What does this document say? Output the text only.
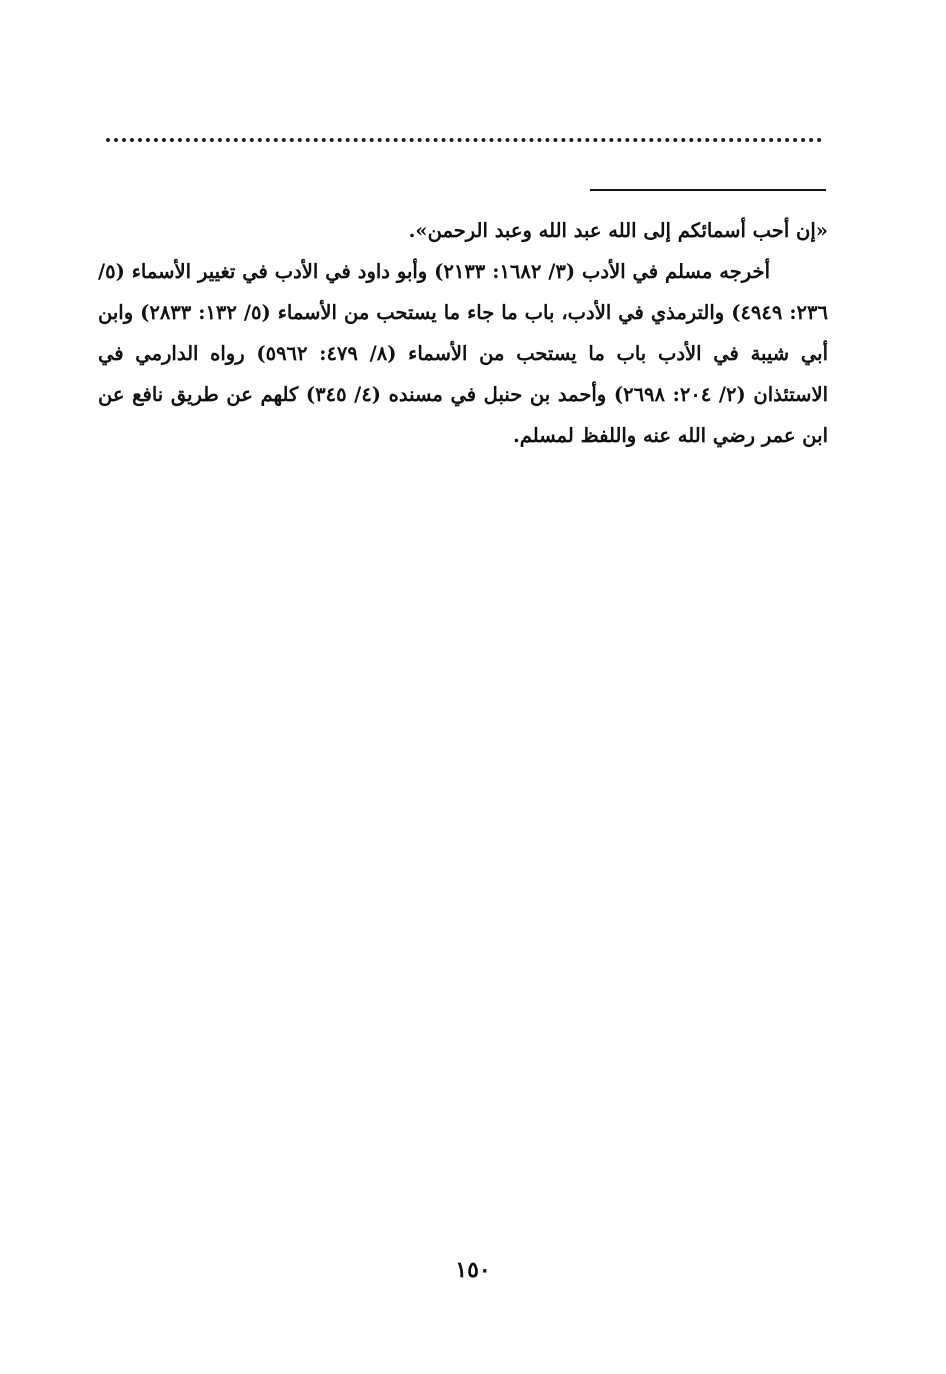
«إن أحب أسمائكم إلى الله عبد الله وعبد الرحمن».

أخرجه مسلم في الأدب (٣/ ١٦٨٢: ٢١٣٣) وأبو داود في الأدب في تغيير الأسماء (٥/ ٢٣٦: ٤٩٤٩) والترمذي في الأدب، باب ما جاء ما يستحب من الأسماء (٥/ ١٣٢: ٢٨٣٣) وابن أبي شيبة في الأدب باب ما يستحب من الأسماء (٨/ ٤٧٩: ٥٩٦٢) رواه الدارمي في الاستئذان (٢/ ٢٠٤: ٢٦٩٨) وأحمد بن حنبل في مسنده (٤/ ٣٤٥) كلهم عن طريق نافع عن ابن عمر رضي الله عنه واللفظ لمسلم.

١٥٠
